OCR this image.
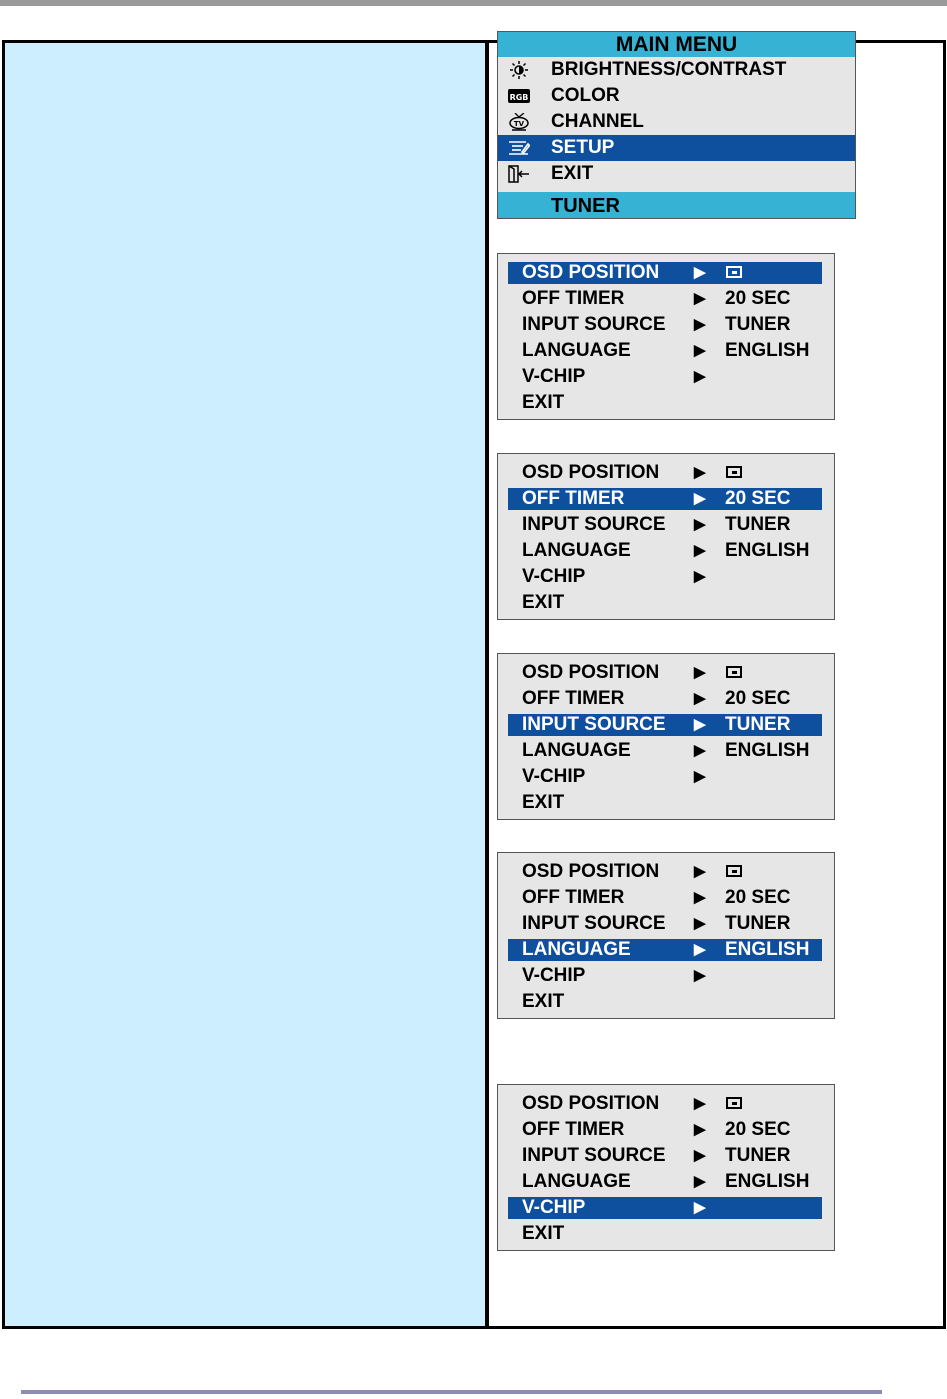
MAIN MENU
BRIGHTNESS/CONTRAST
RGB COLOR
TV CHANNEL
SETUP
EXIT
TUNER
OSD POSITION ▶
OFF TIMER	▶ 20 SEC
INPUT SOURCE ▶ TUNER
LANGUAGE	▶ ENGLISH
V-CHIP	▶
EXIT
OSD POSITION ▶
OFF TIMER	▶ 20 SEC
INPUT SOURCE ▶ TUNER
LANGUAGE	▶ ENGLISH
V-CHIP	▶
EXIT
OSD POSITION ▶
OFF TIMER	▶ 20 SEC
INPUT SOURCE ▶ TUNER
LANGUAGE	▶ ENGLISH
V-CHIP	▶
EXIT
OSD POSITION ▶
OFF TIMER	▶ 20 SEC
INPUT SOURCE ▶ TUNER
LANGUAGE	▶ ENGLISH
V-CHIP	▶
EXIT
OSD POSITION ▶
OFF TIMER	▶ 20 SEC
INPUT SOURCE ▶ TUNER
LANGUAGE	▶ ENGLISH
V-CHIP	▶
EXIT
